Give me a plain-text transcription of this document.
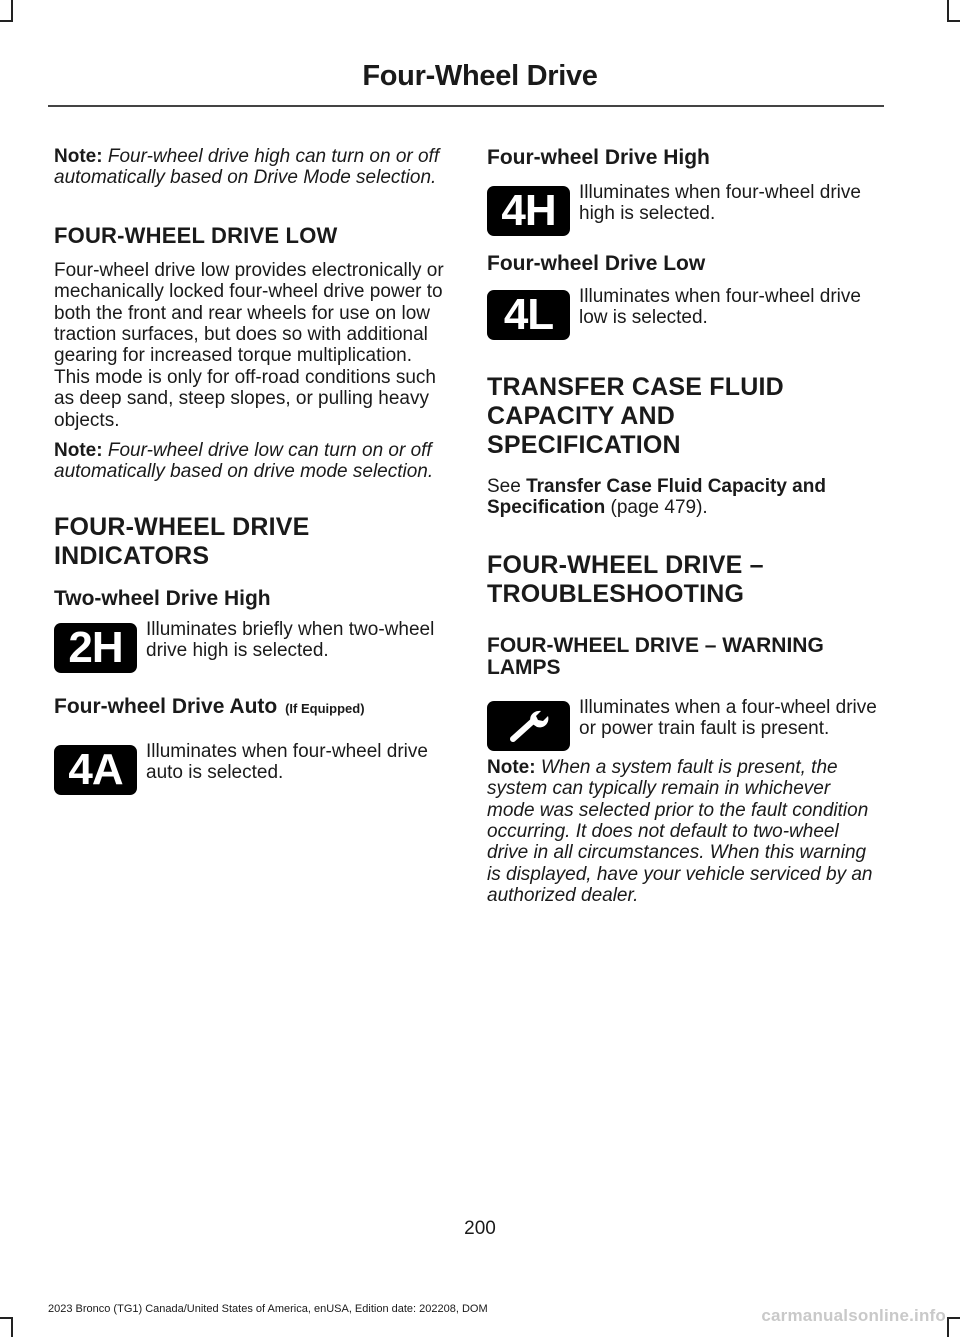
Four-Wheel Drive

Note: Four-wheel drive high can turn on or off automatically based on Drive Mode selection.

FOUR-WHEEL DRIVE LOW

Four-wheel drive low provides electronically or mechanically locked four-wheel drive power to both the front and rear wheels for use on low traction surfaces, but does so with additional gearing for increased torque multiplication. This mode is only for off-road conditions such as deep sand, steep slopes, or pulling heavy objects.

Note: Four-wheel drive low can turn on or off automatically based on drive mode selection.

FOUR-WHEEL DRIVE
INDICATORS
Two-wheel Drive High
2H	Illuminates briefly when two-wheel drive high is selected.
Four-wheel Drive Auto (If Equipped)
4A	Illuminates when four-wheel drive auto is selected.
Four-wheel Drive High
4H	Illuminates when four-wheel drive high is selected.
Four-wheel Drive Low
4L	Illuminates when four-wheel drive low is selected.
TRANSFER CASE FLUID
CAPACITY AND
SPECIFICATION

See Transfer Case Fluid Capacity and Specification (page 479).

FOUR-WHEEL DRIVE –
TROUBLESHOOTING
FOUR-WHEEL DRIVE – WARNING LAMPS
Illuminates when a four-wheel drive or power train fault is present.

Note: When a system fault is present, the system can typically remain in whichever mode was selected prior to the fault condition occurring. It does not default to two-wheel drive in all circumstances. When this warning is displayed, have your vehicle serviced by an authorized dealer.

200
2023 Bronco (TG1) Canada/United States of America, enUSA, Edition date: 202208, DOM	carmanualsonline.info
